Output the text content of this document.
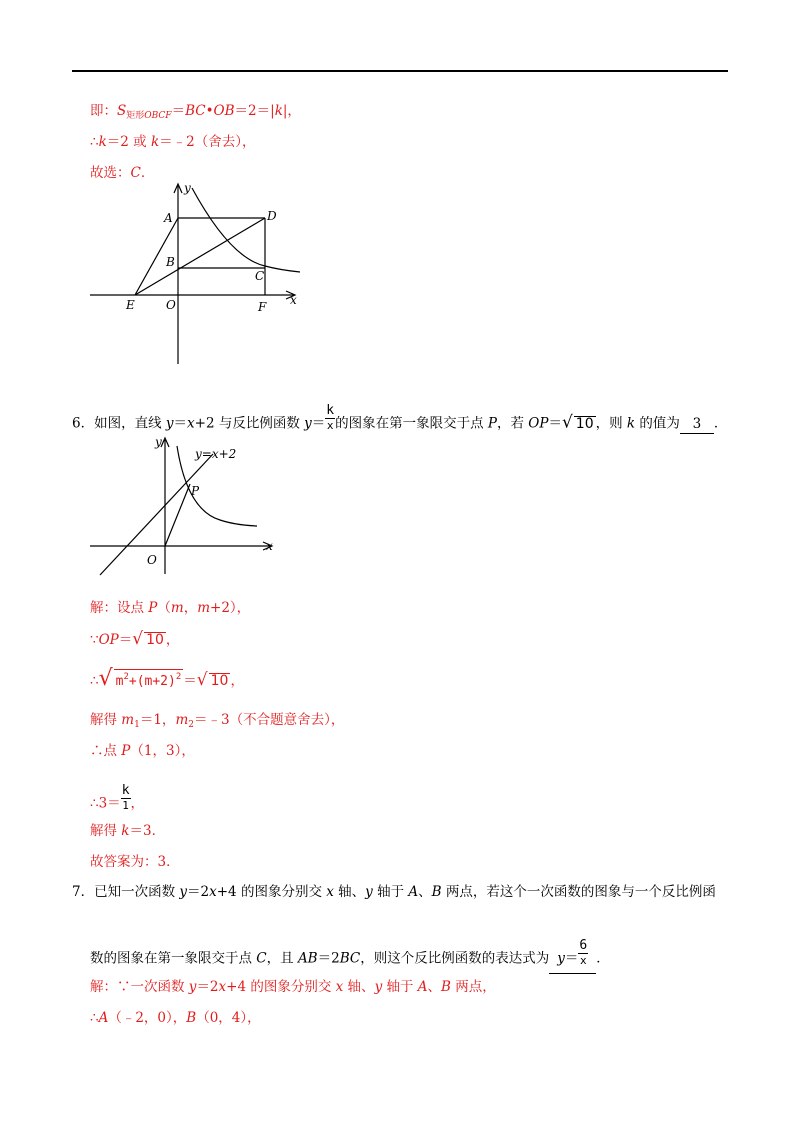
即：$S_{矩形OBCF}=BC•OB=2=|k|$，
∴k＝2 或 k＝﹣2（舍去），
故选：C．
y
x
A	D
B
C
E	O	F
6．如图，直线 y＝x+2 与反比例函数 $y= \frac{k}{x}$ 的图象在第一象限交于点 P，若 OP＝√ 10 ，则 k 的值为 3 ．
y
x
O
P
y=x+2
解：设点 P（m，m+2），
∵OP＝√ 10 ，
∴√ $m^2+(m+2)^2$ ＝√ 10 ，
解得 $m_1=1$，$m_2=﹣3$（不合题意舍去），
∴点 P（1，3），
∴3＝ $\frac{k}{1}$ ，
解得 k＝3．
故答案为：3．
7．已知一次函数 y＝2x+4 的图象分别交 x 轴、y 轴于 A、B 两点，若这个一次函数的图象与一个反比例函
数的图象在第一象限交于点 C，且 AB＝2BC，则这个反比例函数的表达式为 $y= \frac{6}{x}$ ．
解：∵一次函数 y＝2x+4 的图象分别交 x 轴、y 轴于 A、B 两点，
∴A（﹣2，0），B（0，4），
